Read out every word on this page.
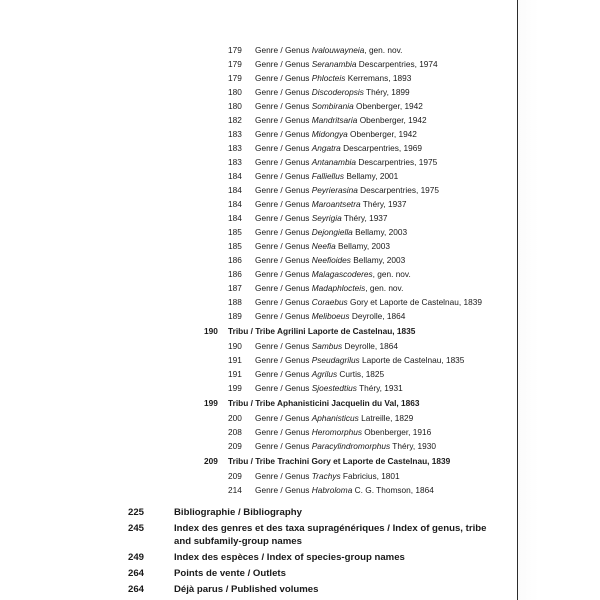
179	Genre / Genus Ivalouwayneia, gen. nov.
179	Genre / Genus Seranambia Descarpentries, 1974
179	Genre / Genus Phlocteis Kerremans, 1893
180	Genre / Genus Discoderopsis Théry, 1899
180	Genre / Genus Sombirania Obenberger, 1942
182	Genre / Genus Mandritsaria Obenberger, 1942
183	Genre / Genus Midongya Obenberger, 1942
183	Genre / Genus Angatra Descarpentries, 1969
183	Genre / Genus Antanambia Descarpentries, 1975
184	Genre / Genus Falliellus Bellamy, 2001
184	Genre / Genus Peyrierasina Descarpentries, 1975
184	Genre / Genus Maroantsetra Théry, 1937
184	Genre / Genus Seyrigia Théry, 1937
185	Genre / Genus Dejongiella Bellamy, 2003
185	Genre / Genus Neefia Bellamy, 2003
186	Genre / Genus Neefioides Bellamy, 2003
186	Genre / Genus Malagascoderes, gen. nov.
187	Genre / Genus Madaphlocteis, gen. nov.
188	Genre / Genus Coraebus Gory et Laporte de Castelnau, 1839
189	Genre / Genus Meliboeus Deyrolle, 1864
190 Tribu / Tribe Agrilini Laporte de Castelnau, 1835
190	Genre / Genus Sambus Deyrolle, 1864
191	Genre / Genus Pseudagrilus Laporte de Castelnau, 1835
191	Genre / Genus Agrilus Curtis, 1825
199	Genre / Genus Sjoestedtius Théry, 1931
199 Tribu / Tribe Aphanisticini Jacquelin du Val, 1863
200	Genre / Genus Aphanisticus Latreille, 1829
208	Genre / Genus Heromorphus Obenberger, 1916
209	Genre / Genus Paracylindromorphus Théry, 1930
209 Tribu / Tribe Trachini Gory et Laporte de Castelnau, 1839
209	Genre / Genus Trachys Fabricius, 1801
214	Genre / Genus Habroloma C. G. Thomson, 1864
225	Bibliographie / Bibliography
245	Index des genres et des taxa supragénériques / Index of genus, tribe
and subfamily-group names
249	Index des espèces / Index of species-group names
264	Points de vente / Outlets
264	Déjà parus / Published volumes
